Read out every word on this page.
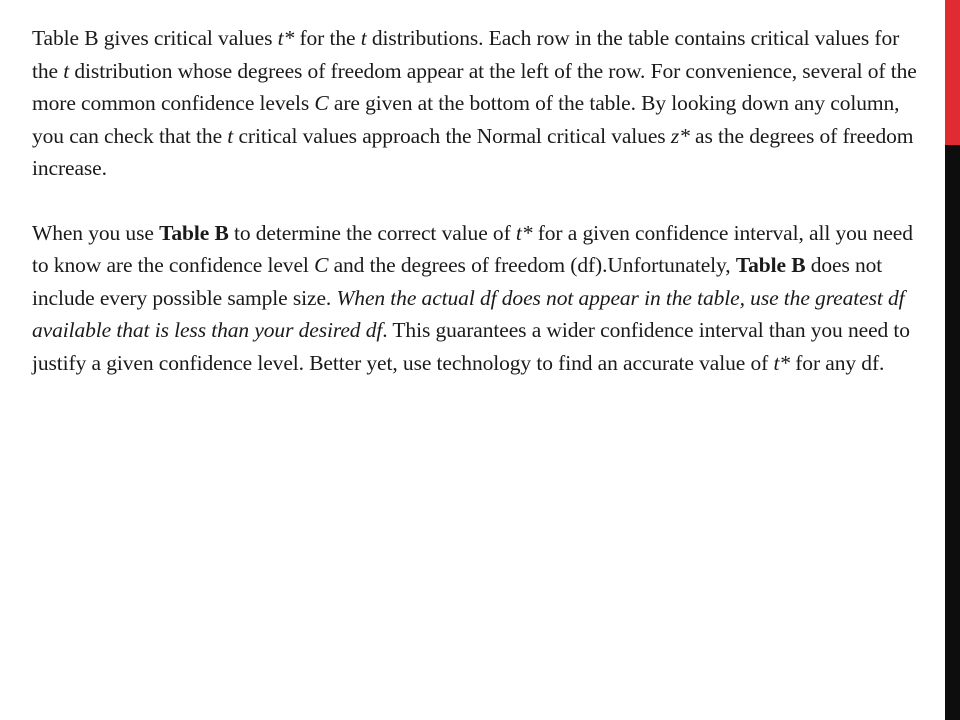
Table B gives critical values t* for the t distributions. Each row in the table contains critical values for the t distribution whose degrees of freedom appear at the left of the row. For convenience, several of the more common confidence levels C are given at the bottom of the table. By looking down any column, you can check that the t critical values approach the Normal critical values z* as the degrees of freedom increase.

When you use Table B to determine the correct value of t* for a given confidence interval, all you need to know are the confidence level C and the degrees of freedom (df).Unfortunately, Table B does not include every possible sample size. When the actual df does not appear in the table, use the greatest df available that is less than your desired df. This guarantees a wider confidence interval than you need to justify a given confidence level. Better yet, use technology to find an accurate value of t* for any df.
